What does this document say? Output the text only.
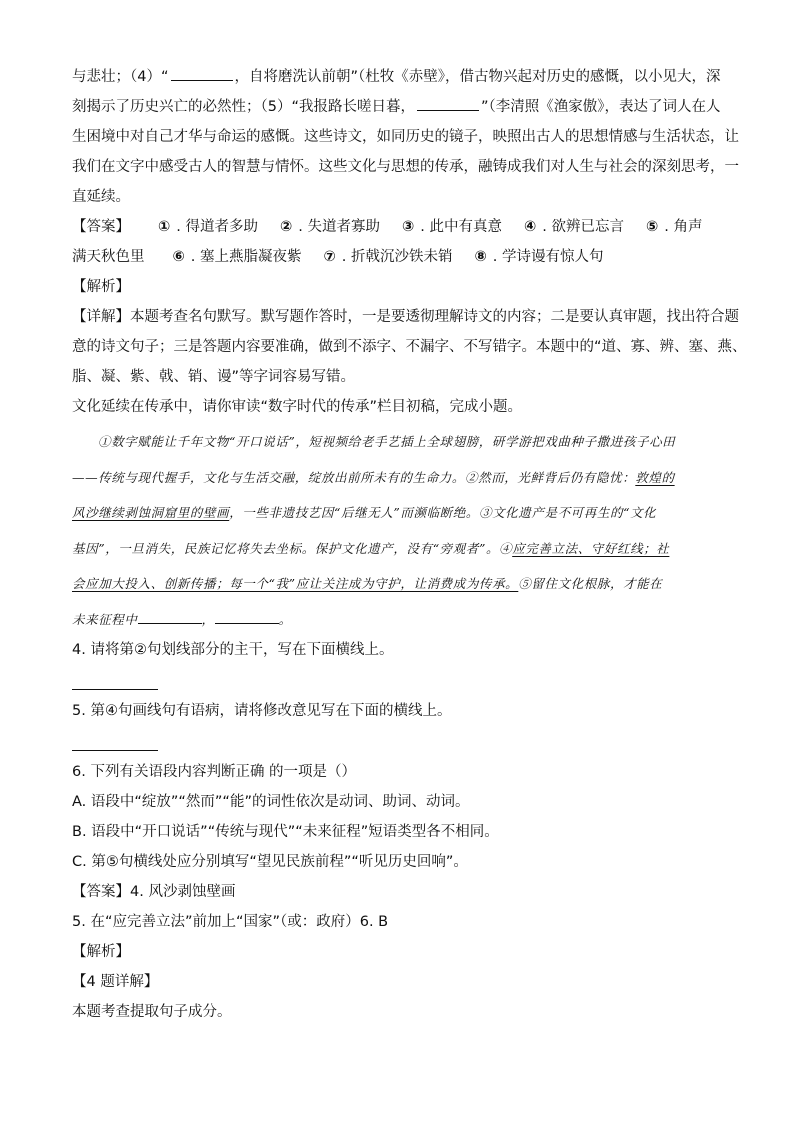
与悲壮；（4）“	，自将磨洗认前朝”（杜牧《赤壁》，借古物兴起对历史的感慨，以小见大，深

刻揭示了历史兴亡的必然性；（5）“我报路长嗟日暮，	”（李清照《渔家傲》，表达了词人在人

生困境中对自己才华与命运的感慨。这些诗文，如同历史的镜子，映照出古人的思想情感与生活状态，让

我们在文字中感受古人的智慧与情怀。这些文化与思想的传承，融铸成我们对人生与社会的深刻思考，一

直延续。

【答案】 ① . 得道者多助 ② . 失道者寡助 ③ . 此中有真意 ④ . 欲辨已忘言 ⑤ . 角声

满天秋色里 ⑥ . 塞上燕脂凝夜紫 ⑦ . 折戟沉沙铁未销 ⑧ . 学诗谩有惊人句

【解析】

【详解】本题考查名句默写。默写题作答时，一是要透彻理解诗文的内容；二是要认真审题，找出符合题

意的诗文句子；三是答题内容要准确，做到不添字、不漏字、不写错字。本题中的“道、寡、辨、塞、燕、

脂、凝、紫、戟、销、谩”等字词容易写错。

文化延续在传承中，请你审读“数字时代的传承”栏目初稿，完成小题。

①数字赋能让千年文物“开口说话”，短视频给老手艺插上全球翅膀，研学游把戏曲种子撒进孩子心田

——传统与现代握手，文化与生活交融，绽放出前所未有的生命力。②然而，光鲜背后仍有隐忧：敦煌的

风沙继续剥蚀洞窟里的壁画，一些非遗技艺因“后继无人”而濒临断绝。③文化遗产是不可再生的“文化

基因”，一旦消失，民族记忆将失去坐标。保护文化遗产，没有“旁观者”。④应完善立法、守好红线；社

会应加大投入、创新传播；每一个“我”应让关注成为守护，让消费成为传承。⑤留住文化根脉，才能在

未来征程中	，	。

4. 请将第②句划线部分的主干，写在下面横线上。

5. 第④句画线句有语病，请将修改意见写在下面的横线上。

6. 下列有关语段内容判断正确 的一项是（）

A. 语段中“绽放”“然而”“能”的词性依次是动词、助词、动词。

B. 语段中“开口说话”“传统与现代”“未来征程”短语类型各不相同。

C. 第⑤句横线处应分别填写“望见民族前程”“听见历史回响”。

【答案】4. 风沙剥蚀壁画

5. 在“应完善立法”前加上“国家”（或：政府）6. B

【解析】

【4 题详解】

本题考查提取句子成分。
